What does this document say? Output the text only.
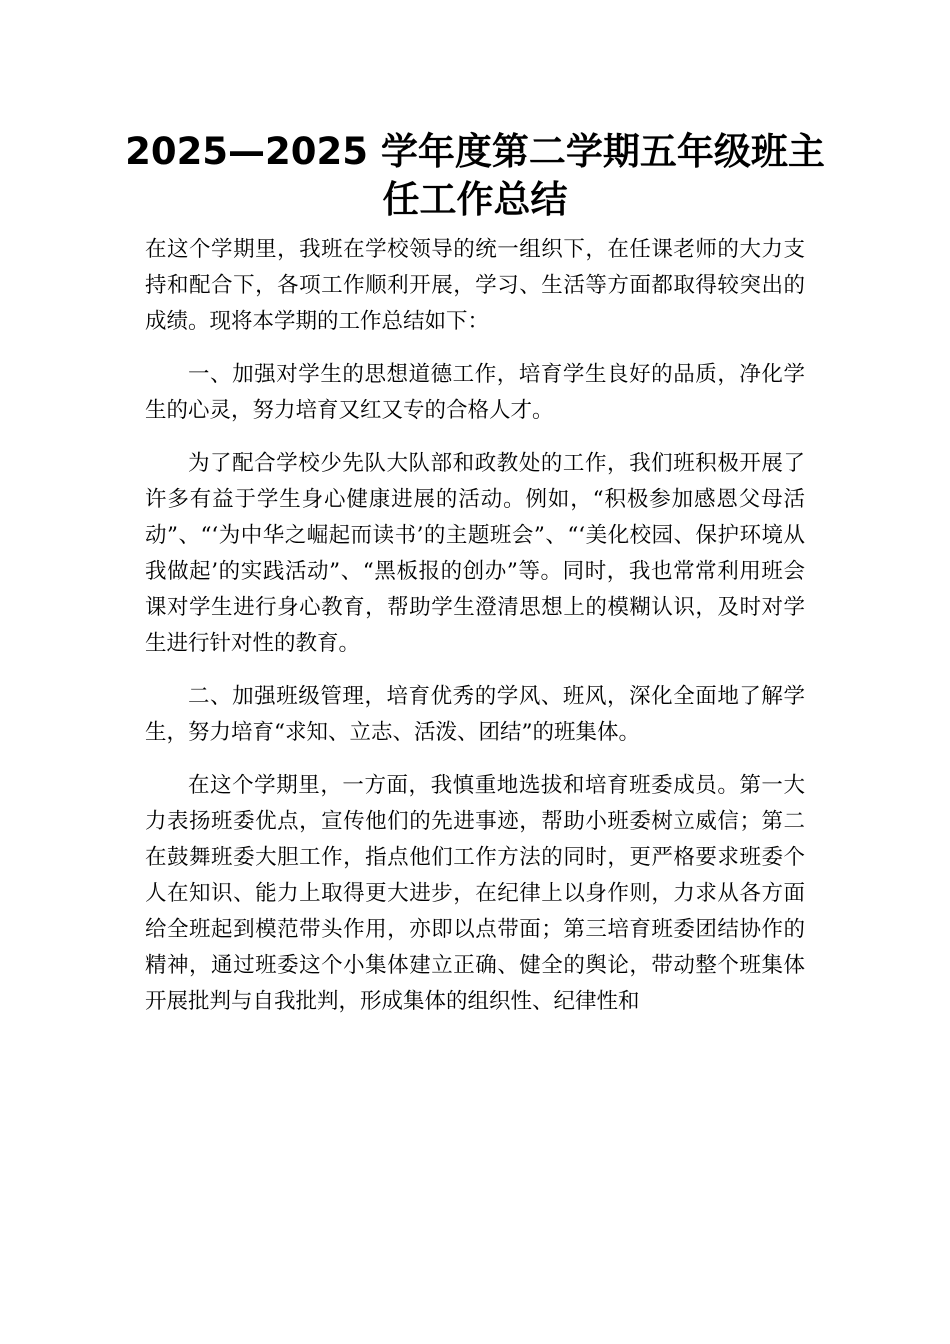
2025—2025 学年度第二学期五年级班主任工作总结

在这个学期里，我班在学校领导的统一组织下，在任课老师的大力支持和配合下，各项工作顺利开展，学习、生活等方面都取得较突出的成绩。现将本学期的工作总结如下：

一、加强对学生的思想道德工作，培育学生良好的品质，净化学生的心灵，努力培育又红又专的合格人才。

为了配合学校少先队大队部和政教处的工作，我们班积极开展了许多有益于学生身心健康进展的活动。例如，“积极参加感恩父母活动”、“‘为中华之崛起而读书’的主题班会”、“‘美化校园、保护环境从我做起’的实践活动”、“黑板报的创办”等。同时，我也常常利用班会课对学生进行身心教育，帮助学生澄清思想上的模糊认识，及时对学生进行针对性的教育。

二、加强班级管理，培育优秀的学风、班风，深化全面地了解学生，努力培育“求知、立志、活泼、团结”的班集体。

在这个学期里，一方面，我慎重地选拔和培育班委成员。第一大力表扬班委优点，宣传他们的先进事迹，帮助小班委树立威信；第二在鼓舞班委大胆工作，指点他们工作方法的同时，更严格要求班委个人在知识、能力上取得更大进步，在纪律上以身作则，力求从各方面给全班起到模范带头作用，亦即以点带面；第三培育班委团结协作的精神，通过班委这个小集体建立正确、健全的舆论，带动整个班集体开展批判与自我批判，形成集体的组织性、纪律性和
